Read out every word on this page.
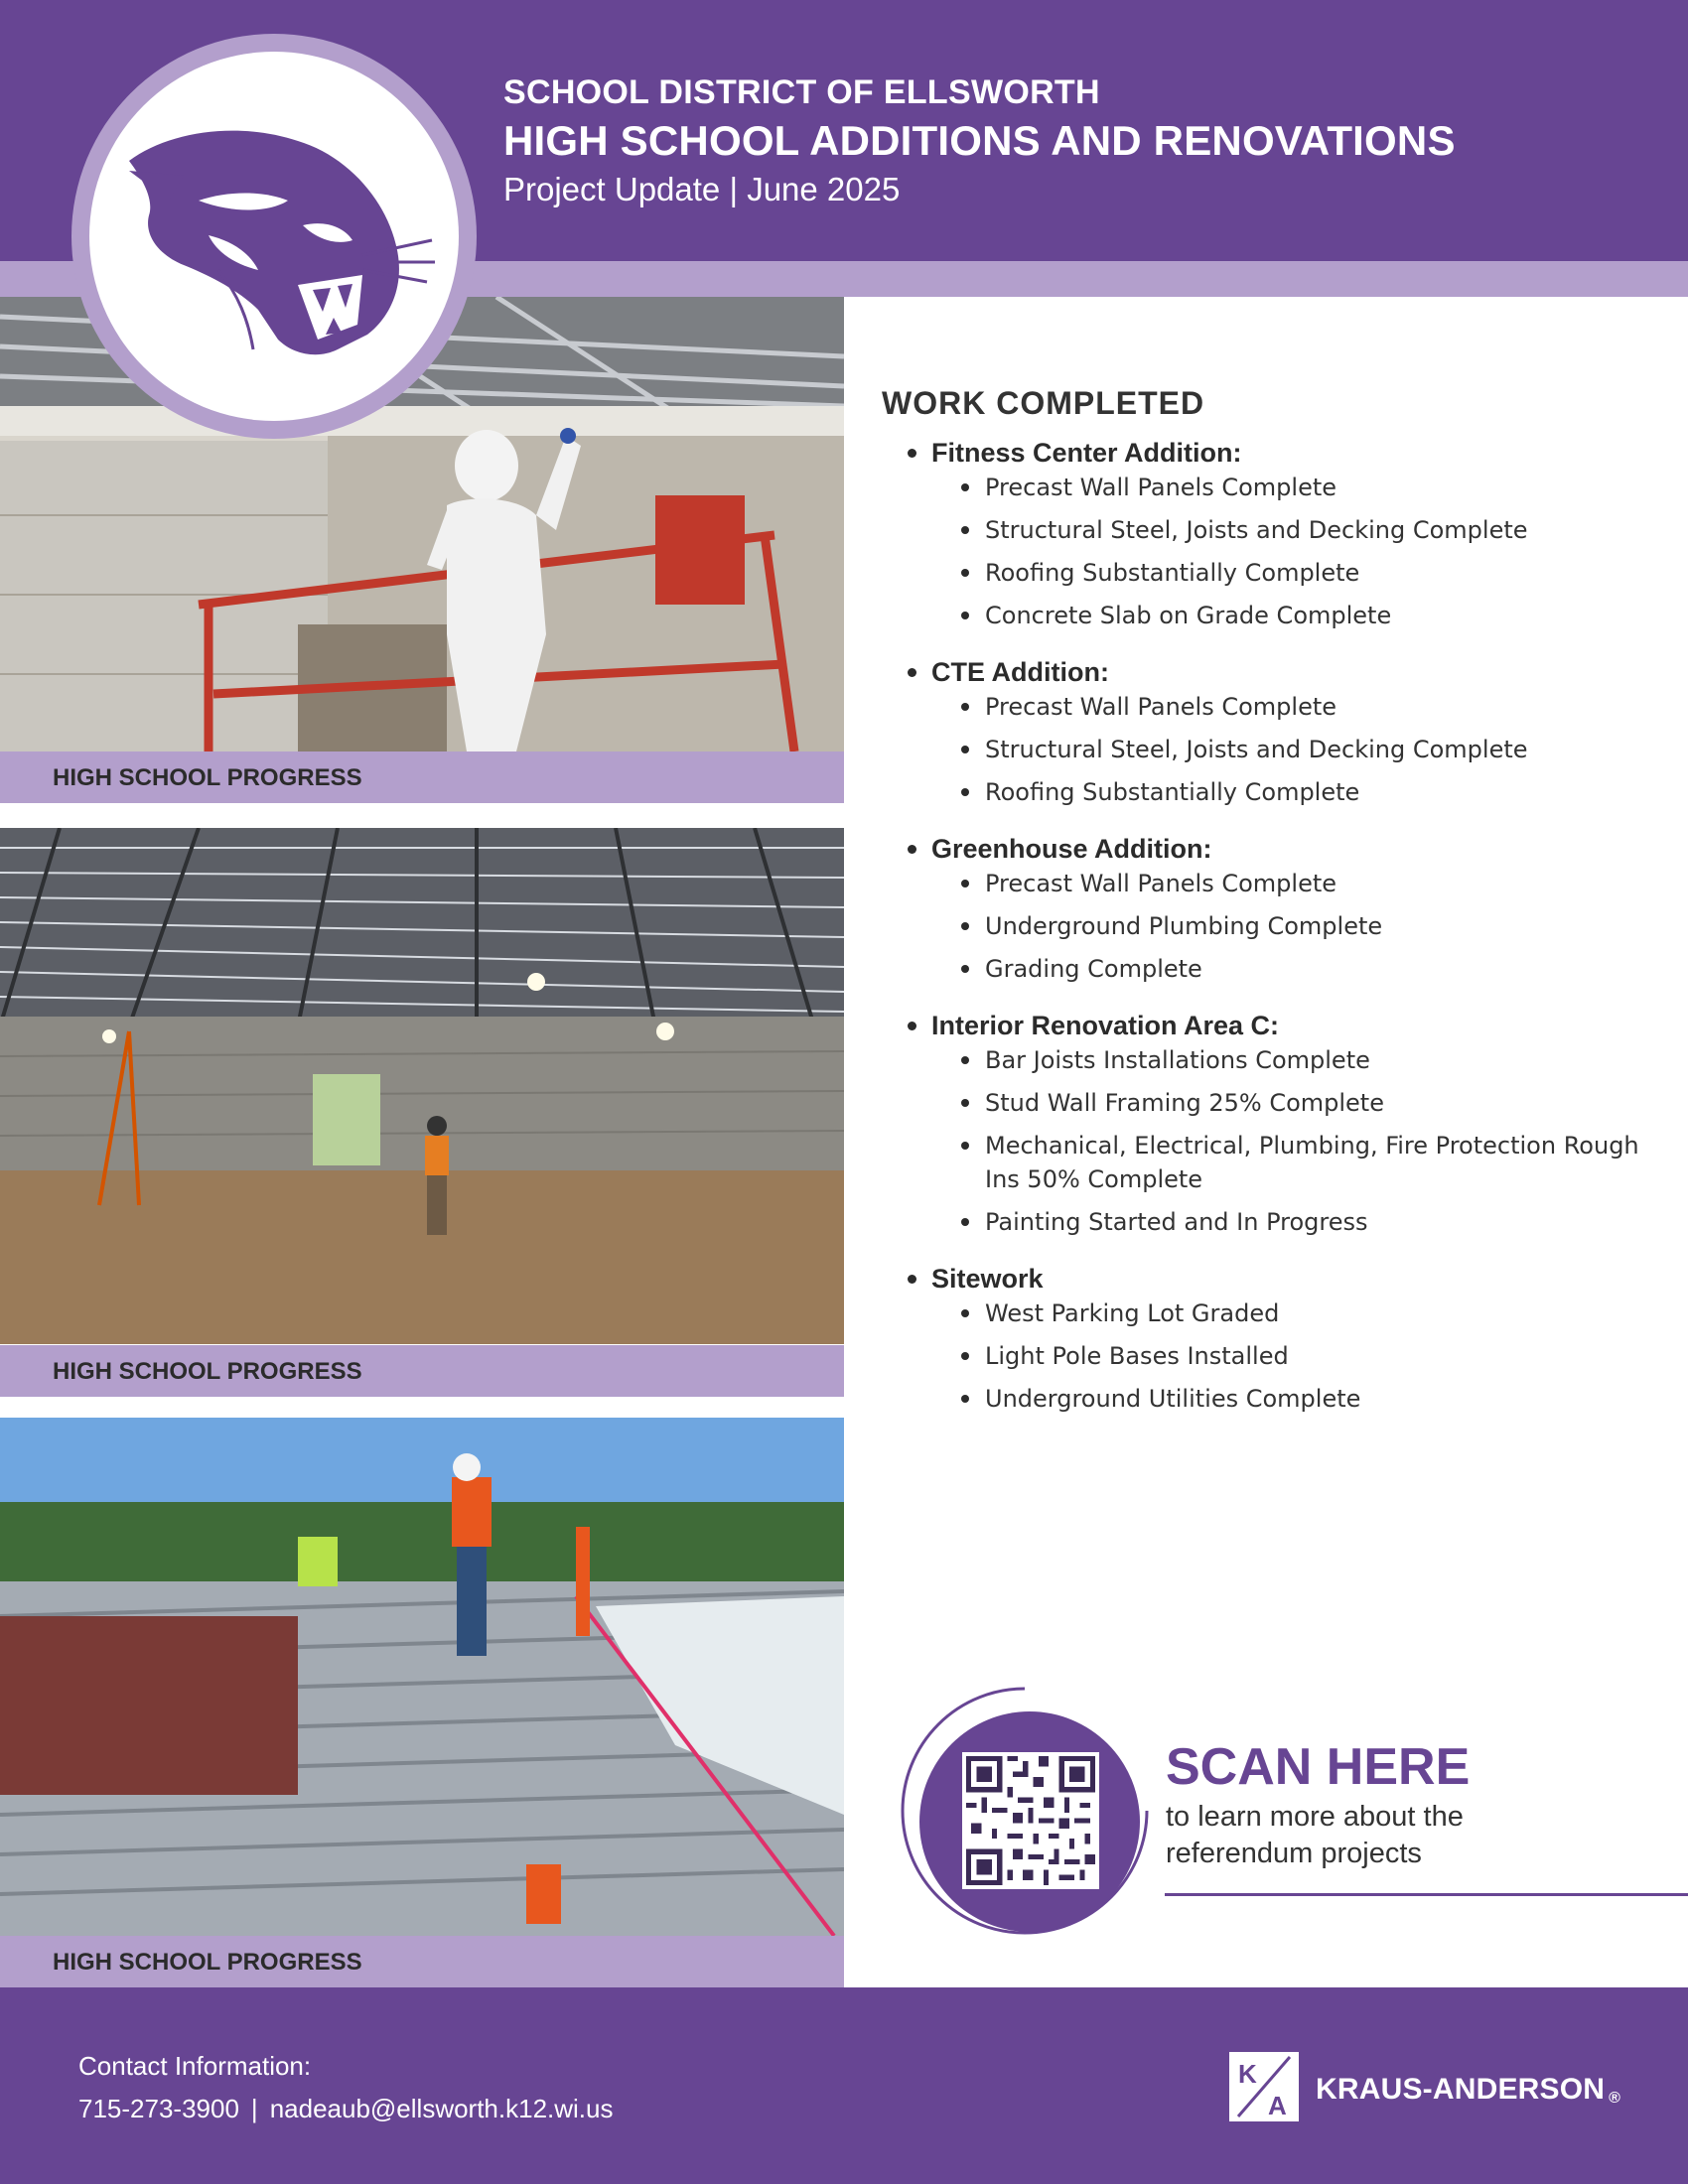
SCHOOL DISTRICT OF ELLSWORTH
HIGH SCHOOL ADDITIONS AND RENOVATIONS
Project Update | June 2025
HIGH SCHOOL PROGRESS
HIGH SCHOOL PROGRESS
HIGH SCHOOL PROGRESS
WORK COMPLETED
Fitness Center Addition:
Precast Wall Panels Complete
Structural Steel, Joists and Decking Complete
Roofing Substantially Complete
Concrete Slab on Grade Complete
CTE Addition:
Precast Wall Panels Complete
Structural Steel, Joists and Decking Complete
Roofing Substantially Complete
Greenhouse Addition:
Precast Wall Panels Complete
Underground Plumbing Complete
Grading Complete
Interior Renovation Area C:
Bar Joists Installations Complete
Stud Wall Framing 25% Complete
Mechanical, Electrical, Plumbing, Fire Protection Rough Ins 50% Complete
Painting Started and In Progress
Sitework
West Parking Lot Graded
Light Pole Bases Installed
Underground Utilities Complete
SCAN HERE
to learn more about the referendum projects
Contact Information:
715-273-3900 | nadeaub@ellsworth.k12.wi.us
K
A KRAUS-ANDERSON ®
